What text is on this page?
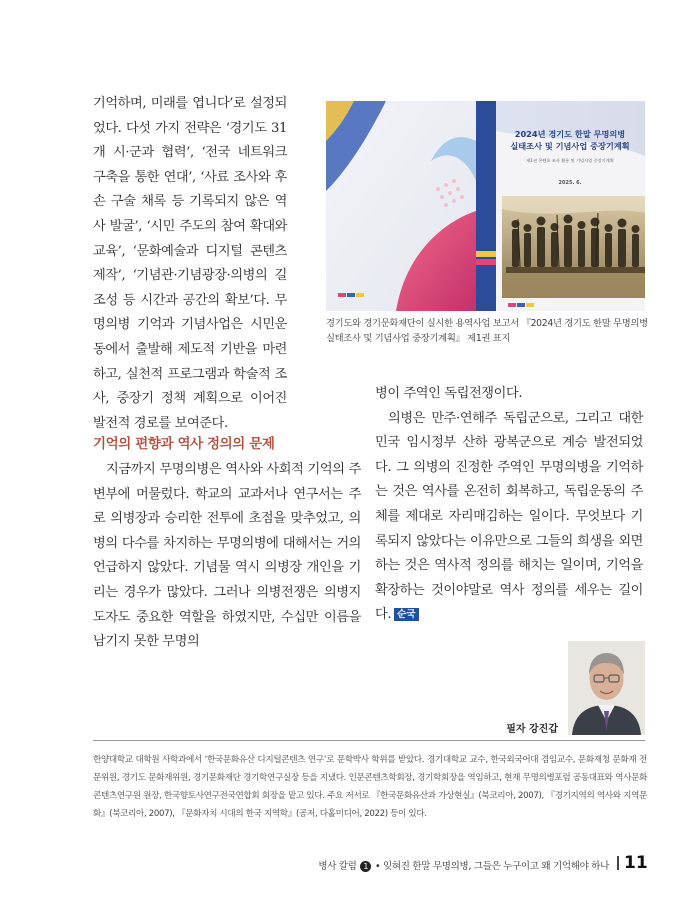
기억하며, 미래를 엽니다’로 설정되었다. 다섯 가지 전략은 ‘경기도 31개 시·군과 협력’, ‘전국 네트워크 구축을 통한 연대’, ‘사료 조사와 후손 구술 채록 등 기록되지 않은 역사 발굴’, ‘시민 주도의 참여 확대와 교육’, ‘문화예술과 디지털 콘텐츠 제작’, ‘기념관·기념광장·의병의 길 조성 등 시간과 공간의 확보’다. 무명의병 기억과 기념사업은 시민운동에서 출발해 제도적 기반을 마련하고, 실천적 프로그램과 학술적 조사, 중장기 정책 계획으로 이어진 발전적 경로를 보여준다.

기억의 편향과 역사 정의의 문제

지금까지 무명의병은 역사와 사회적 기억의 주변부에 머물렀다. 학교의 교과서나 연구서는 주로 의병장과 승리한 전투에 초점을 맞추었고, 의병의 다수를 차지하는 무명의병에 대해서는 거의 언급하지 않았다. 기념물 역시 의병장 개인을 기리는 경우가 많았다. 그러나 의병전쟁은 의병지도자도 중요한 역할을 하였지만, 수십만 이름을 남기지 못한 무명의

병이 주역인 독립전쟁이다.

의병은 만주·연해주 독립군으로, 그리고 대한민국 임시정부 산하 광복군으로 계승 발전되었다. 그 의병의 진정한 주역인 무명의병을 기억하는 것은 역사를 온전히 회복하고, 독립운동의 주체를 제대로 자리매김하는 일이다. 무엇보다 기록되지 않았다는 이유만으로 그들의 희생을 외면하는 것은 역사적 정의를 해치는 일이며, 기억을 확장하는 것이야말로 역사 정의를 세우는 길이다. 순국

2024년 경기도 한말 무명의병
실태조사 및 기념사업 중장기계획
제1권 콘텐츠 조사 활용 및 기념사업 중장기계획
2025. 6.
경기도와 경기문화재단이 실시한 용역사업 보고서 『2024년 경기도 한말 무명의병 실태조사 및 기념사업 중장기계획』 제1권 표지
필자 강진갑
한양대학교 대학원 사학과에서 ‘한국문화유산 디지털콘텐츠 연구’로 문학박사 학위를 받았다. 경기대학교 교수, 한국외국어대 겸임교수, 문화재청 문화재 전문위원, 경기도 문화재위원, 경기문화재단 경기학연구실장 등을 지냈다. 인문콘텐츠학회장, 경기학회장을 역임하고, 현재 무명의병포럼 공동대표와 역사문화콘텐츠연구원 원장, 한국향토사연구전국연합회 회장을 맡고 있다. 주요 저서로 『한국문화유산과 가상현실』(북코리아, 2007), 『경기지역의 역사와 지역문화』(북코리아, 2007), 『문화자치 시대의 한국 지역학』(공저, 다홀미디어, 2022) 등이 있다.
병사 칼럼 1 • 잊혀진 한말 무명의병, 그들은 누구이고 왜 기억해야 하나 11
